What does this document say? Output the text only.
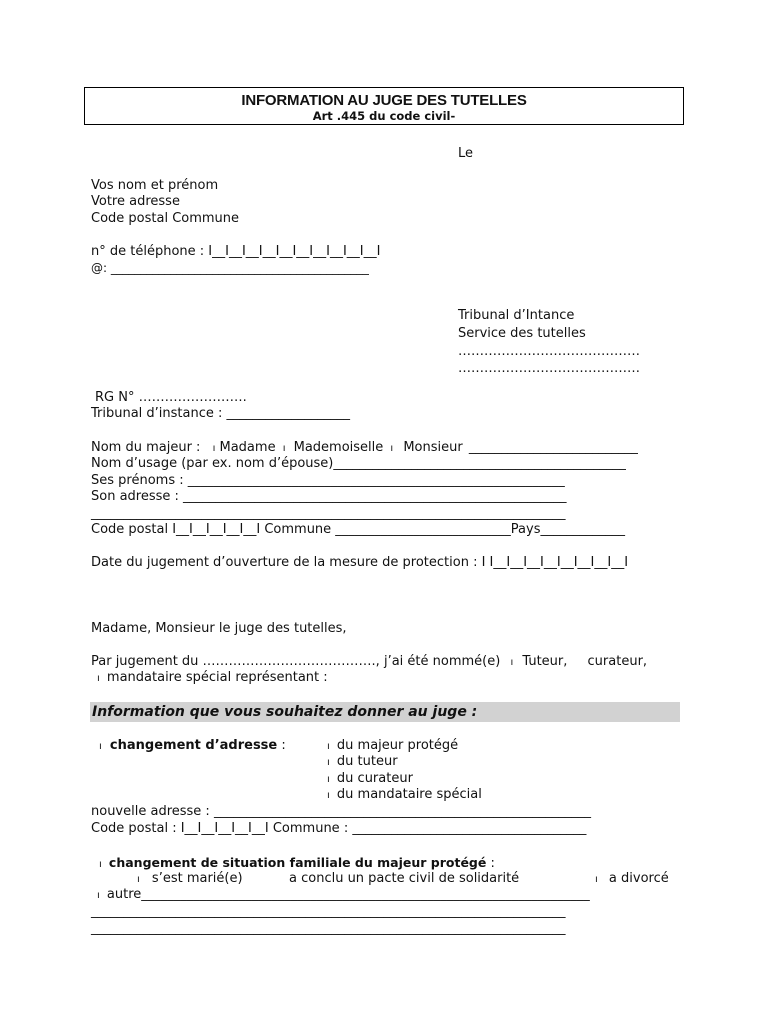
INFORMATION AU JUGE DES TUTELLES
Art .445 du code civil-
Le
Vos nom et prénom
Votre adresse
Code postal Commune
n° de téléphone : I__I__I__I__I__I__I__I__I__I__I
@: ___________________________________________
Tribunal d’Intance
Service des tutelles
……………………………………
……………………………………
RG N° …………………….
Tribunal d’instance : ___________________
Nom du majeur : ı Madame ı Mademoiselle ı Monsieur __________________________
Nom d’usage (par ex. nom d’épouse)_____________________________________________
Ses prénoms : __________________________________________________________
Son adresse : ___________________________________________________________
_________________________________________________________________________
Code postal I__I__I__I__I__I Commune ___________________________Pays_____________
Date du jugement d’ouverture de la mesure de protection : I I__I__I__I__I__I__I__I__I
Madame, Monsieur le juge des tutelles,
Par jugement du …………………………………., j’ai été nommé(e) ı Tuteur, curateur,
ı mandataire spécial représentant :
Information que vous souhaitez donner au juge :
ı changement d’adresse :	ı du majeur protégé
ı du tuteur
ı du curateur
ı du mandataire spécial
nouvelle adresse : __________________________________________________________
Code postal : I__I__I__I__I__I Commune : ____________________________________
ı changement de situation familiale du majeur protégé :
ı s’est marié(e)	a conclu un pacte civil de solidarité	ı a divorcé
ı autre_____________________________________________________________________
_________________________________________________________________________
_________________________________________________________________________
